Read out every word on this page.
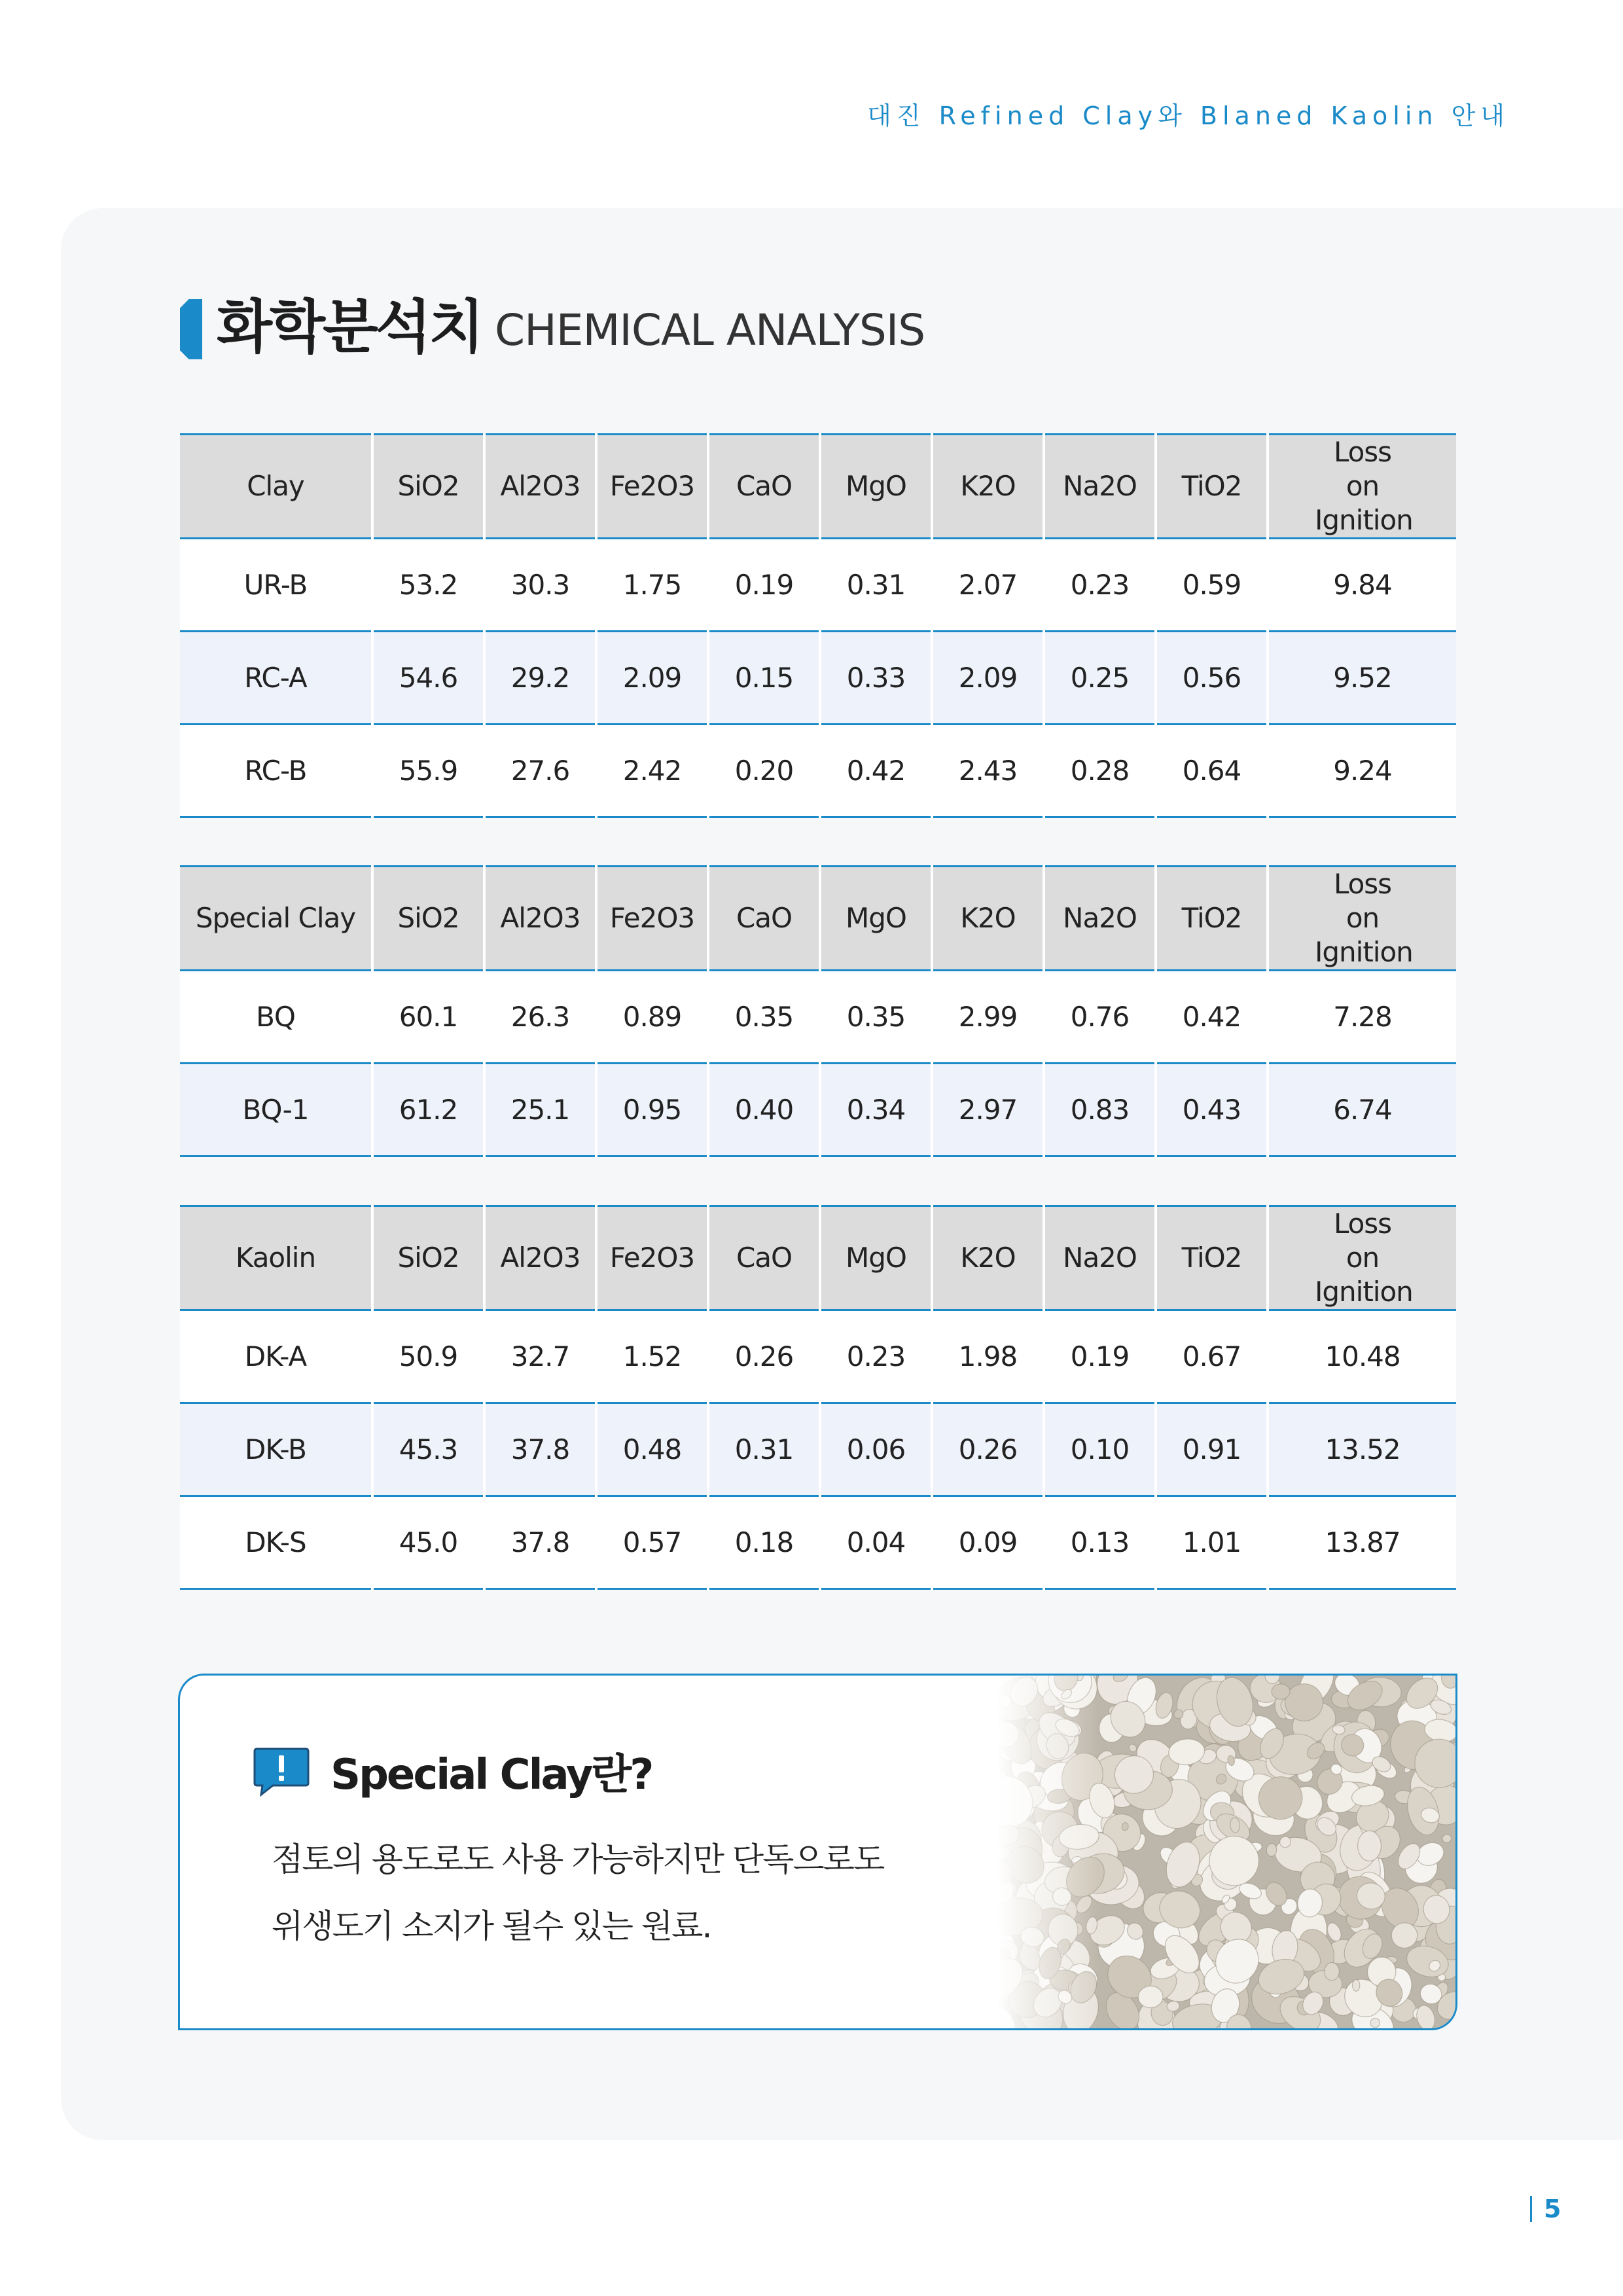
대진 Refined Clay와 Blaned Kaolin 안내
화학분석치 CHEMICAL ANALYSIS
Clay	SiO2	Al2O3	Fe2O3	CaO	MgO	K2O	Na2O	TiO2	Loss on Ignition
UR-B	53.2	30.3	1.75	0.19	0.31	2.07	0.23	0.59	9.84
RC-A	54.6	29.2	2.09	0.15	0.33	2.09	0.25	0.56	9.52
RC-B	55.9	27.6	2.42	0.20	0.42	2.43	0.28	0.64	9.24
Special Clay	SiO2	Al2O3	Fe2O3	CaO	MgO	K2O	Na2O	TiO2	Loss on Ignition
BQ	60.1	26.3	0.89	0.35	0.35	2.99	0.76	0.42	7.28
BQ-1	61.2	25.1	0.95	0.40	0.34	2.97	0.83	0.43	6.74
Kaolin	SiO2	Al2O3	Fe2O3	CaO	MgO	K2O	Na2O	TiO2	Loss on Ignition
DK-A	50.9	32.7	1.52	0.26	0.23	1.98	0.19	0.67	10.48
DK-B	45.3	37.8	0.48	0.31	0.06	0.26	0.10	0.91	13.52
DK-S	45.0	37.8	0.57	0.18	0.04	0.09	0.13	1.01	13.87
Special Clay란?
점토의 용도로도 사용 가능하지만 단독으로도
위생도기 소지가 될수 있는 원료.
5
